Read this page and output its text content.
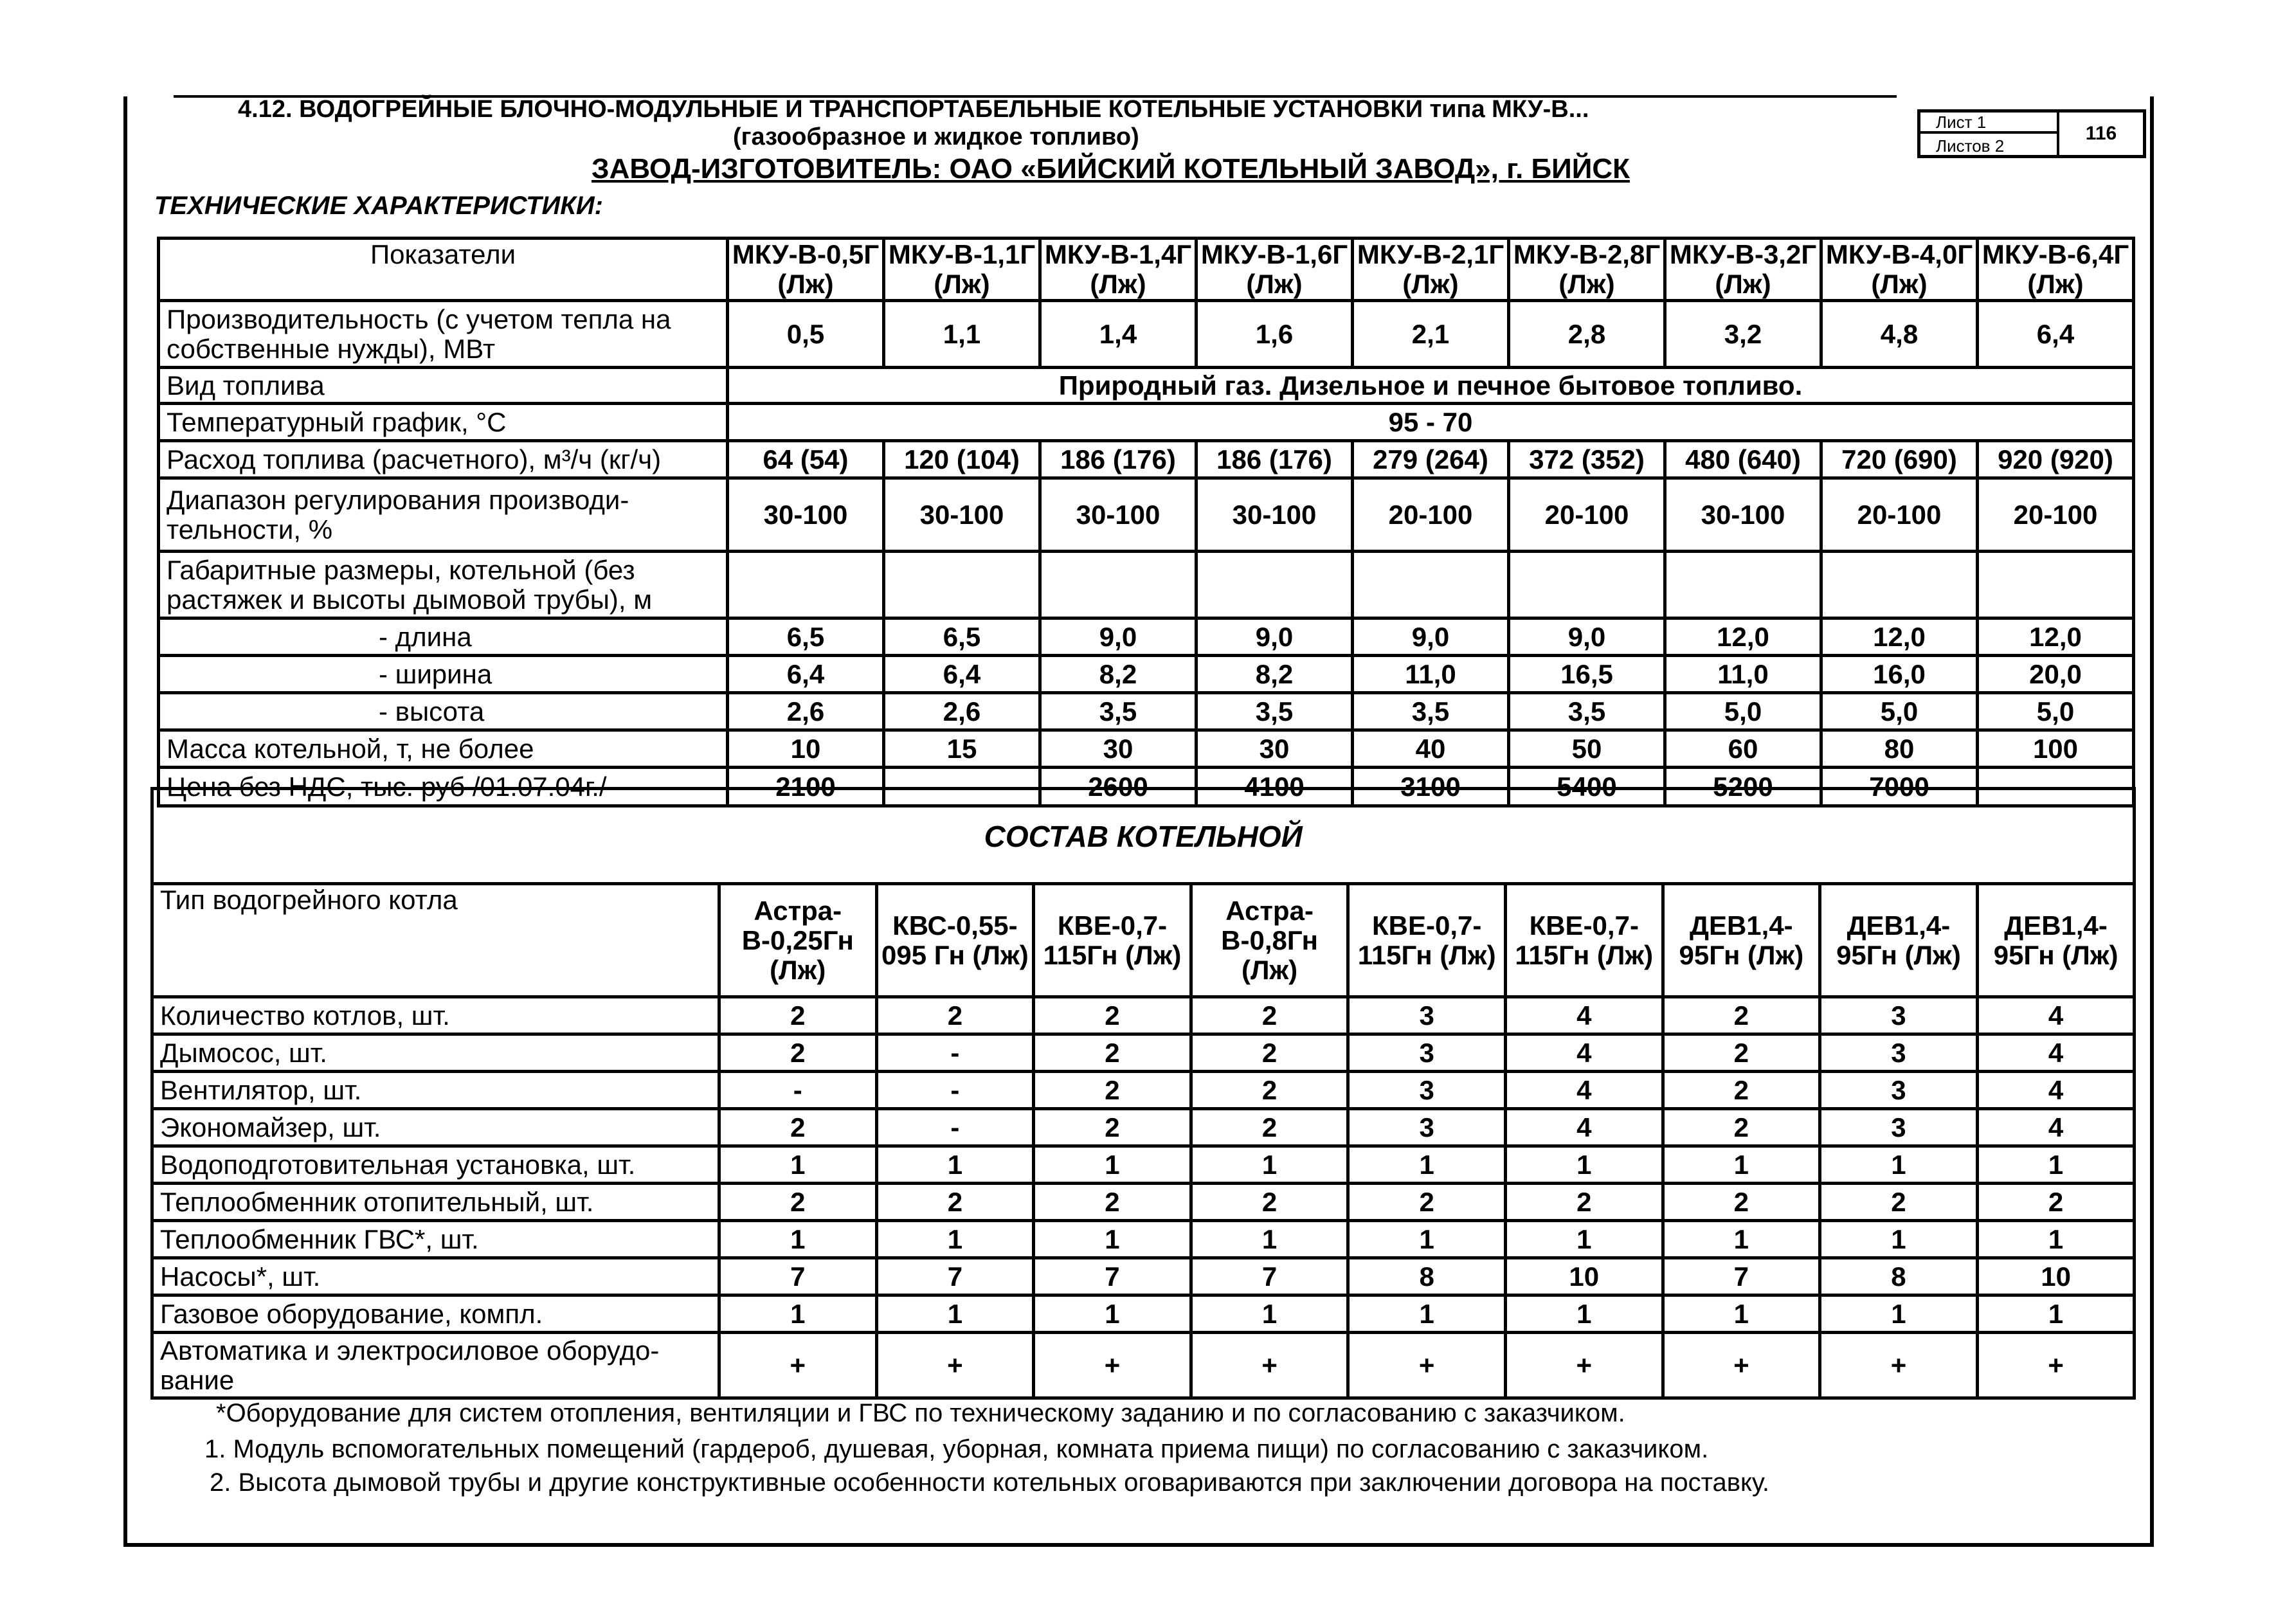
4.12. ВОДОГРЕЙНЫЕ БЛОЧНО-МОДУЛЬНЫЕ И ТРАНСПОРТАБЕЛЬНЫЕ КОТЕЛЬНЫЕ УСТАНОВКИ типа МКУ-В...
(газообразное и жидкое топливо)
Лист 1
Листов 2
116
ЗАВОД-ИЗГОТОВИТЕЛЬ: ОАО «БИЙСКИЙ КОТЕЛЬНЫЙ ЗАВОД», г. БИЙСК
ТЕХНИЧЕСКИЕ ХАРАКТЕРИСТИКИ:
Показатели	МКУ-В-0,5Г (Лж)	МКУ-В-1,1Г (Лж)	МКУ-В-1,4Г (Лж)	МКУ-В-1,6Г (Лж)	МКУ-В-2,1Г (Лж)	МКУ-В-2,8Г (Лж)	МКУ-В-3,2Г (Лж)	МКУ-В-4,0Г (Лж)	МКУ-В-6,4Г (Лж)
Производительность (с учетом тепла на собственные нужды), МВт	0,5	1,1	1,4	1,6	2,1	2,8	3,2	4,8	6,4
Вид топлива	Природный газ. Дизельное и печное бытовое топливо.								
Температурный график, °С	95 - 70								
Расход топлива (расчетного), м³/ч (кг/ч)	64 (54)	120 (104)	186 (176)	186 (176)	279 (264)	372 (352)	480 (640)	720 (690)	920 (920)
Диапазон регулирования производи-тельности, %	30-100	30-100	30-100	30-100	20-100	20-100	30-100	20-100	20-100
Габаритные размеры, котельной (без растяжек и высоты дымовой трубы), м									
- длина	6,5	6,5	9,0	9,0	9,0	9,0	12,0	12,0	12,0
- ширина	6,4	6,4	8,2	8,2	11,0	16,5	11,0	16,0	20,0
- высота	2,6	2,6	3,5	3,5	3,5	3,5	5,0	5,0	5,0
Масса котельной, т, не более	10	15	30	30	40	50	60	80	100
Цена без НДС, тыс. руб /01.07.04г./	2100		2600	4100	3100	5400	5200	7000	
СОСТАВ КОТЕЛЬНОЙ									
Тип водогрейного котла	Астра-В-0,25Гн (Лж)	КВС-0,55-095 Гн (Лж)	КВЕ-0,7-115Гн (Лж)	Астра-В-0,8Гн (Лж)	КВЕ-0,7-115Гн (Лж)	КВЕ-0,7-115Гн (Лж)	ДЕВ1,4-95Гн (Лж)	ДЕВ1,4-95Гн (Лж)	ДЕВ1,4-95Гн (Лж)
Количество котлов, шт.	2	2	2	2	3	4	2	3	4
Дымосос, шт.	2	-	2	2	3	4	2	3	4
Вентилятор, шт.	-	-	2	2	3	4	2	3	4
Экономайзер, шт.	2	-	2	2	3	4	2	3	4
Водоподготовительная установка, шт.	1	1	1	1	1	1	1	1	1
Теплообменник отопительный, шт.	2	2	2	2	2	2	2	2	2
Теплообменник ГВС*, шт.	1	1	1	1	1	1	1	1	1
Насосы*, шт.	7	7	7	7	8	10	7	8	10
Газовое оборудование, компл.	1	1	1	1	1	1	1	1	1
Автоматика и электросиловое оборудо-вание	+	+	+	+	+	+	+	+	+
*Оборудование для систем отопления, вентиляции и ГВС по техническому заданию и по согласованию с заказчиком.
1. Модуль вспомогательных помещений (гардероб, душевая, уборная, комната приема пищи) по согласованию с заказчиком.
2. Высота дымовой трубы и другие конструктивные особенности котельных оговариваются при заключении договора на поставку.
